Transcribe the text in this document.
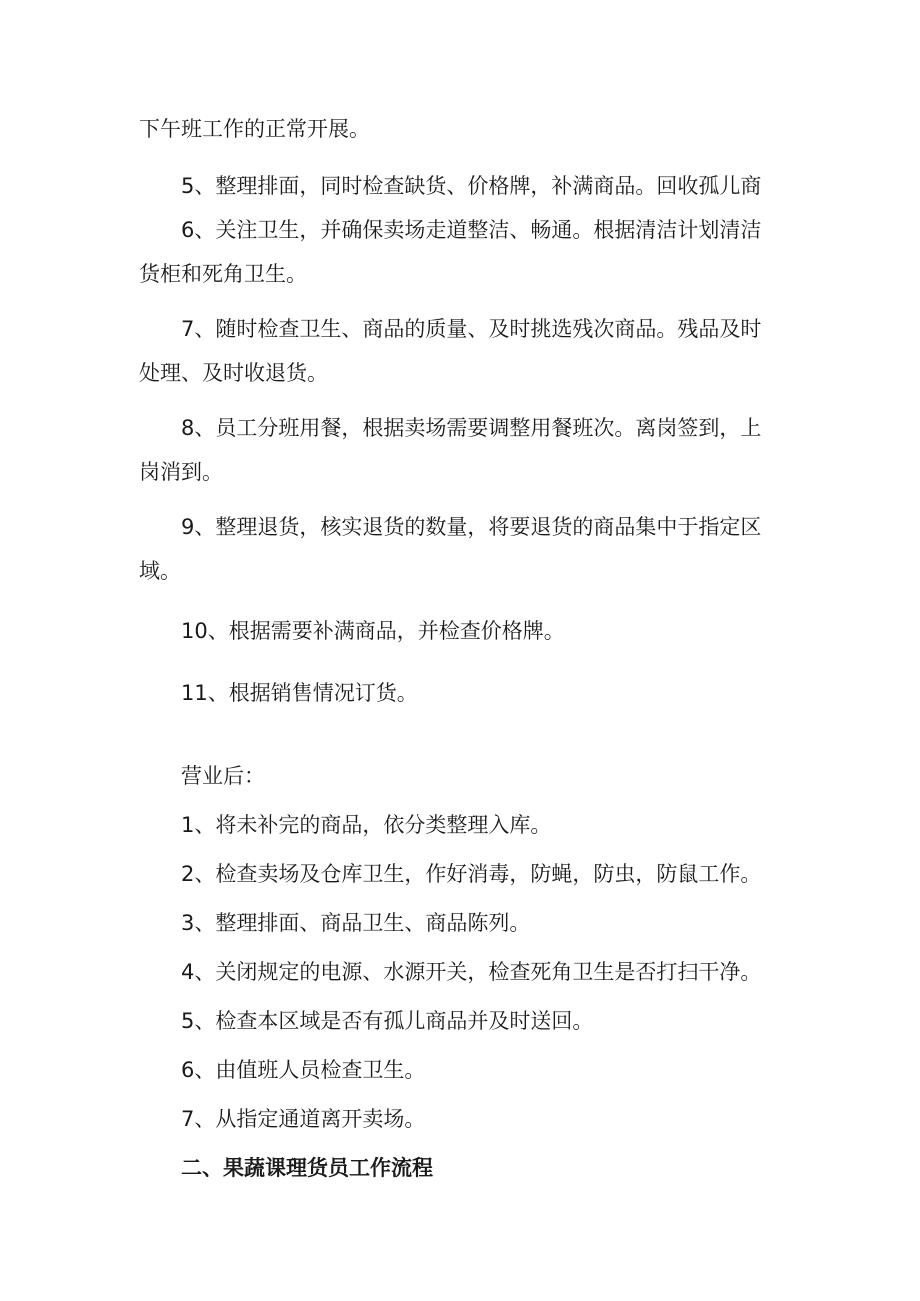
下午班工作的正常开展。

5、整理排面，同时检查缺货、价格牌，补满商品。回收孤儿商

6、关注卫生，并确保卖场走道整洁、畅通。根据清洁计划清洁

货柜和死角卫生。

7、随时检查卫生、商品的质量、及时挑选残次商品。残品及时

处理、及时收退货。

8、员工分班用餐，根据卖场需要调整用餐班次。离岗签到，上

岗消到。

9、整理退货，核实退货的数量，将要退货的商品集中于指定区

域。

10、根据需要补满商品，并检查价格牌。

11、根据销售情况订货。

营业后：

1、将未补完的商品，依分类整理入库。

2、检查卖场及仓库卫生，作好消毒，防蝇，防虫，防鼠工作。

3、整理排面、商品卫生、商品陈列。

4、关闭规定的电源、水源开关，检查死角卫生是否打扫干净。

5、检查本区域是否有孤儿商品并及时送回。

6、由值班人员检查卫生。

7、从指定通道离开卖场。

二、果蔬课理货员工作流程
